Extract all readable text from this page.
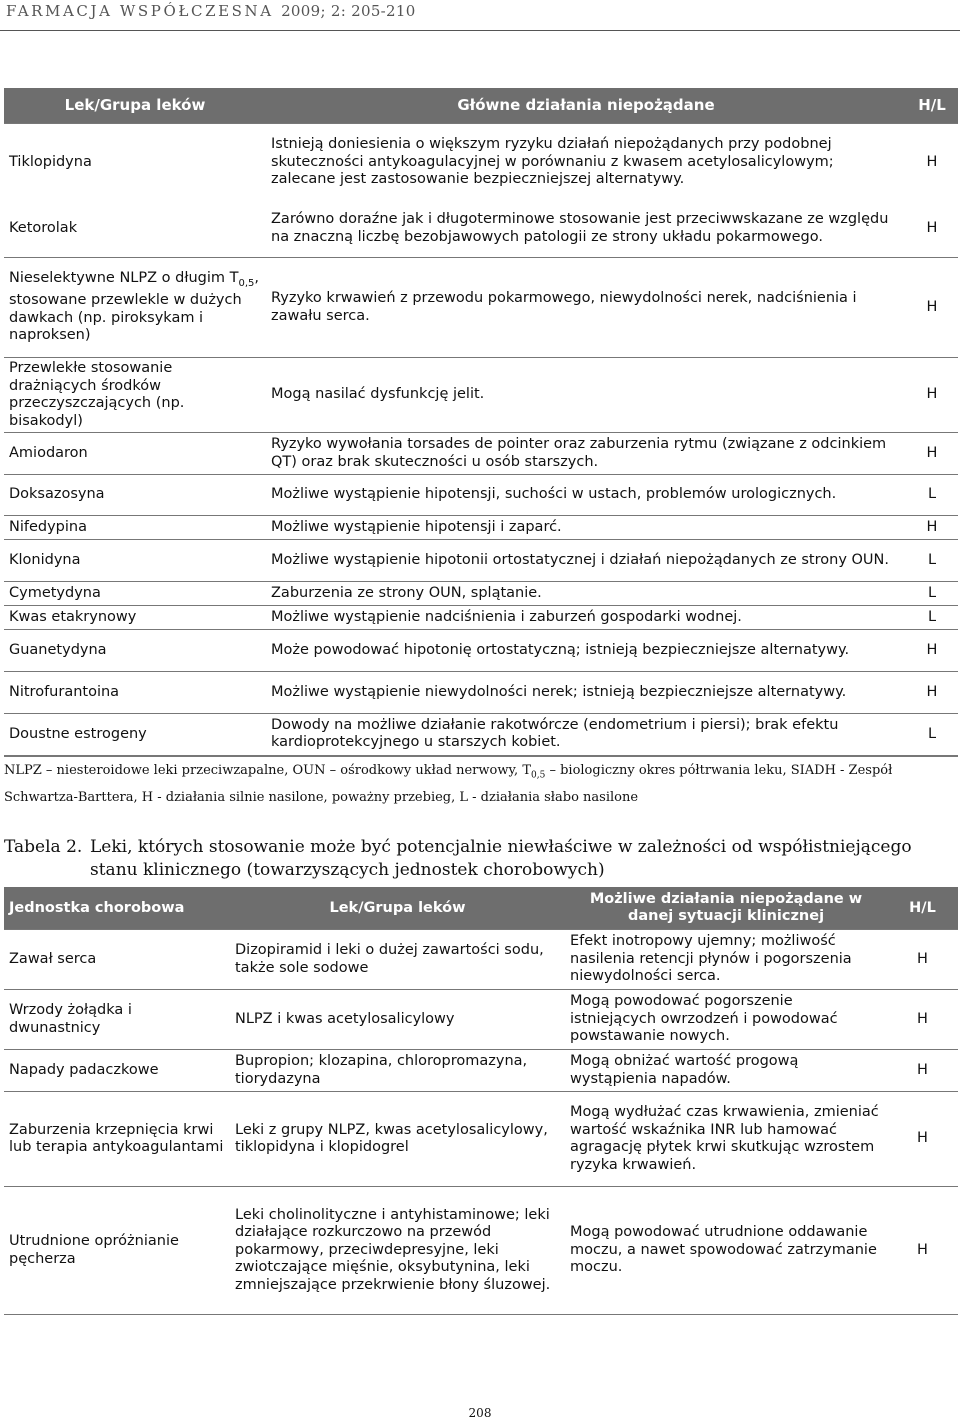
FARMACJA WSPÓŁCZESNA 2009; 2: 205-210
Lek/Grupa leków	Główne działania niepożądane	H/L
Tiklopidyna	Istnieją doniesienia o większym ryzyku działań niepożądanych przy podobnej skuteczności antykoagulacyjnej w porównaniu z kwasem acetylosalicylowym; zalecane jest zastosowanie bezpieczniejszej alternatywy.	H
Ketorolak	Zarówno doraźne jak i długoterminowe stosowanie jest przeciwwskazane ze względu na znaczną liczbę bezobjawowych patologii ze strony układu pokarmowego.	H
Nieselektywne NLPZ o długim $T_{0,5}$, stosowane przewlekle w dużych dawkach (np. piroksykam i naproksen)	Ryzyko krwawień z przewodu pokarmowego, niewydolności nerek, nadciśnienia i zawału serca.	H
Przewlekłe stosowanie drażniących środków przeczyszczających (np. bisakodyl)	Mogą nasilać dysfunkcję jelit.	H
Amiodaron	Ryzyko wywołania torsades de pointer oraz zaburzenia rytmu (związane z odcinkiem QT) oraz brak skuteczności u osób starszych.	H
Doksazosyna	Możliwe wystąpienie hipotensji, suchości w ustach, problemów urologicznych.	L
Nifedypina	Możliwe wystąpienie hipotensji i zaparć.	H
Klonidyna	Możliwe wystąpienie hipotonii ortostatycznej i działań niepożądanych ze strony OUN.	L
Cymetydyna	Zaburzenia ze strony OUN, splątanie.	L
Kwas etakrynowy	Możliwe wystąpienie nadciśnienia i zaburzeń gospodarki wodnej.	L
Guanetydyna	Może powodować hipotonię ortostatyczną; istnieją bezpieczniejsze alternatywy.	H
Nitrofurantoina	Możliwe wystąpienie niewydolności nerek; istnieją bezpieczniejsze alternatywy.	H
Doustne estrogeny	Dowody na możliwe działanie rakotwórcze (endometrium i piersi); brak efektu kardioprotekcyjnego u starszych kobiet.	L
NLPZ – niesteroidowe leki przeciwzapalne, OUN – ośrodkowy układ nerwowy, $T_{0,5}$ – biologiczny okres półtrwania leku, SIADH - Zespół
Schwartza-Barttera, H - działania silnie nasilone, poważny przebieg, L - działania słabo nasilone
Tabela 2. Leki, których stosowanie może być potencjalnie niewłaściwe w zależności od współistniejącego stanu klinicznego (towarzyszących jednostek chorobowych)
Jednostka chorobowa	Lek/Grupa leków	Możliwe działania niepożądane w danej sytuacji klinicznej	H/L
Zawał serca	Dizopiramid i leki o dużej zawartości sodu, także sole sodowe	Efekt inotropowy ujemny; możliwość nasilenia retencji płynów i pogorszenia niewydolności serca.	H
Wrzody żołądka i dwunastnicy	NLPZ i kwas acetylosalicylowy	Mogą powodować pogorszenie istniejących owrzodzeń i powodować powstawanie nowych.	H
Napady padaczkowe	Bupropion; klozapina, chloropromazyna, tiorydazyna	Mogą obniżać wartość progową wystąpienia napadów.	H
Zaburzenia krzepnięcia krwi lub terapia antykoagulantami	Leki z grupy NLPZ, kwas acetylosalicylowy, tiklopidyna i klopidogrel	Mogą wydłużać czas krwawienia, zmieniać wartość wskaźnika INR lub hamować agragację płytek krwi skutkując wzrostem ryzyka krwawień.	H
Utrudnione opróżnianie pęcherza	Leki cholinolityczne i antyhistaminowe; leki działające rozkurczowo na przewód pokarmowy, przeciwdepresyjne, leki zwiotczające mięśnie, oksybutynina, leki zmniejszające przekrwienie błony śluzowej.	Mogą powodować utrudnione oddawanie moczu, a nawet spowodować zatrzymanie moczu.	H
208
